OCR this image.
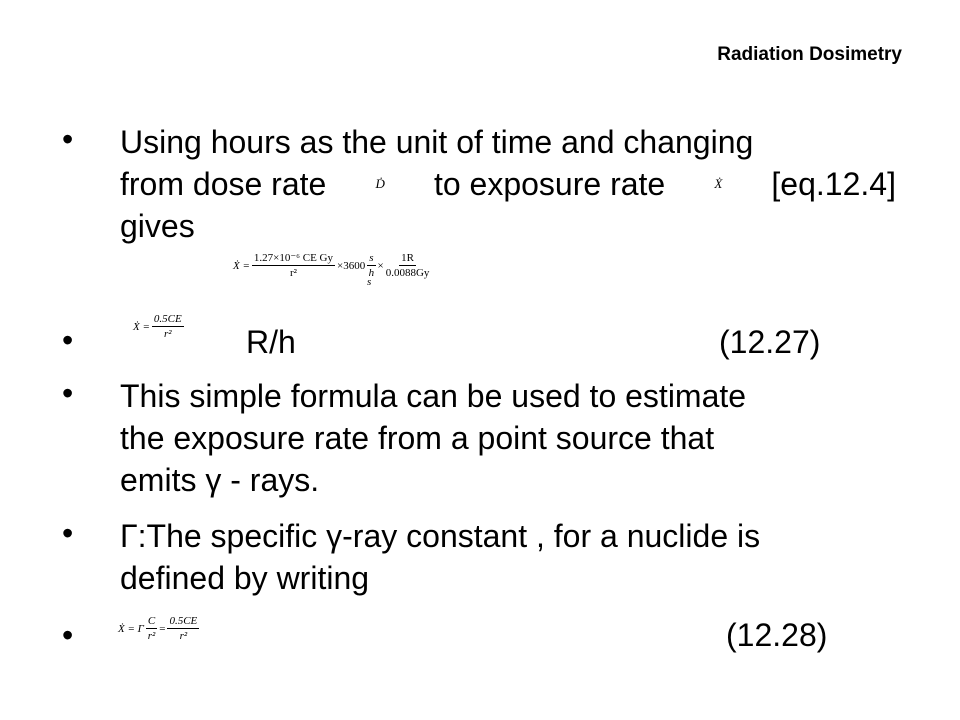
Radiation Dosimetry
• Using hours as the unit of time and changing
from dose rate	Ḋ to exposure rate	Ẋ [eq.12.4]
gives
Ẋ = $\frac{\text{1.27×10⁻⁶ CE Gy}}{\text{r²}} \times 3600 \frac{s}{h} \times \frac{1R}{0.0088Gy}$
s
•	Ẋ = $\frac{0.5CE}{\text{r²}} R/h$	(12.27)
• This simple formula can be used to estimate
the exposure rate from a point source that
emits γ - rays.
• Γ:The specific γ-ray constant , for a nuclide is
defined by writing
•	Ẋ = Γ $\frac{C}{\text{r²}} = \frac{0.5CE}{\text{r²}}$	(12.28)
